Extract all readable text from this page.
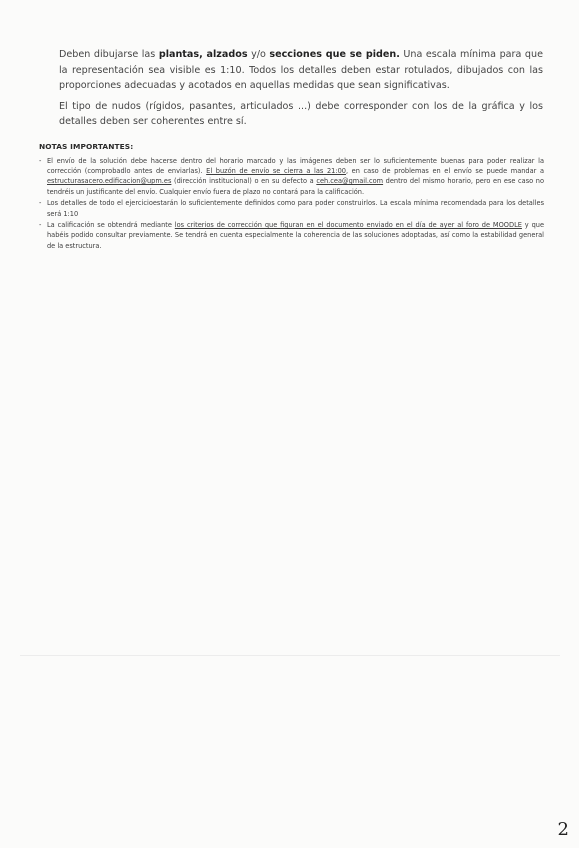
Deben dibujarse las plantas, alzados y/o secciones que se piden. Una escala mínima para que la representación sea visible es 1:10. Todos los detalles deben estar rotulados, dibujados con las proporciones adecuadas y acotados en aquellas medidas que sean significativas.

El tipo de nudos (rígidos, pasantes, articulados ...) debe corresponder con los de la gráfica y los detalles deben ser coherentes entre sí.

NOTAS IMPORTANTES:
- El envío de la solución debe hacerse dentro del horario marcado y las imágenes deben ser lo suficientemente buenas para poder realizar la corrección (comprobadlo antes de enviarlas). El buzón de envío se cierra a las 21:00, en caso de problemas en el envío se puede mandar a estructurasacero.edificacion@upm.es (dirección institucional) o en su defecto a ceh.cea@gmail.com dentro del mismo horario, pero en ese caso no tendréis un justificante del envío. Cualquier envío fuera de plazo no contará para la calificación.
- Los detalles de todo el ejercicioestarán lo suficientemente definidos como para poder construirlos. La escala mínima recomendada para los detalles será 1:10
- La calificación se obtendrá mediante los criterios de corrección que figuran en el documento enviado en el día de ayer al foro de MOODLE y que habéis podido consultar previamente. Se tendrá en cuenta especialmente la coherencia de las soluciones adoptadas, así como la estabilidad general de la estructura.
2
